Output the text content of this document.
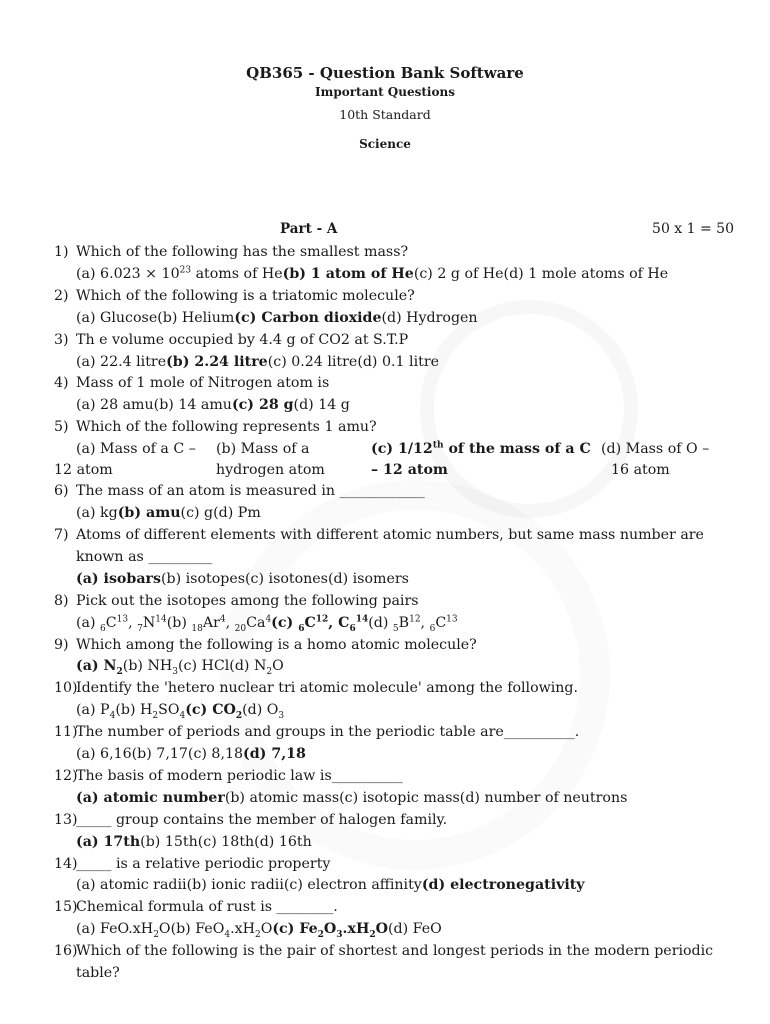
QB365 - Question Bank Software
Important Questions
10th Standard
Science
Part - A	50 x 1 = 50
1) Which of the following has the smallest mass?
(a) $6.023 \times 10^{23}$ atoms of He(b) 1 atom of He(c) 2 g of He(d) 1 mole atoms of He
2) Which of the following is a triatomic molecule?
(a) Glucose(b) Helium(c) Carbon dioxide(d) Hydrogen
3) Th e volume occupied by 4.4 g of CO2 at S.T.P
(a) 22.4 litre(b) 2.24 litre(c) 0.24 litre(d) 0.1 litre
4) Mass of 1 mole of Nitrogen atom is
(a) 28 amu(b) 14 amu(c) 28 g(d) 14 g
5) Which of the following represents 1 amu?
(a) Mass of a C –	(b) Mass of a	(c) 1/12th of the mass of a C (d) Mass of O –
12 atom	hydrogen atom	– 12 atom	16 atom
6) The mass of an atom is measured in ____________
(a) kg(b) amu(c) g(d) Pm
7) Atoms of different elements with different atomic numbers, but same mass number are known as _________
(a) isobars(b) isotopes(c) isotones(d) isomers
8) Pick out the isotopes among the following pairs
(a) $_6C^{13}$, $_7N^{14}(b)$ $_{18}Ar^4$, $_{20}Ca^4(c)$ $_6C^{12}$, $C_6^{14}(d)$ $_5B^{12}$, $_6C^{13}$
9) Which among the following is a homo atomic molecule?
(a) $N_2(b)$ $NH_3(c)$ HCl(d) $N_2O$
10)
Identify the 'hetero nuclear tri atomic molecule' among the following.
(a) $P_4(b)$ $H_2SO_4(c)$ $CO_2(d)$ $O_3$
11)
The number of periods and groups in the periodic table are__________.
(a) 6,16(b) 7,17(c) 8,18(d) 7,18
12)
The basis of modern periodic law is__________
(a) atomic number(b) atomic mass(c) isotopic mass(d) number of neutrons
13)
_____ group contains the member of halogen family.
(a) 17th(b) 15th(c) 18th(d) 16th
14)
_____ is a relative periodic property
(a) atomic radii(b) ionic radii(c) electron affinity(d) electronegativity
15)
Chemical formula of rust is ________.
(a) $FeO.xH_2O(b)$ $FeO_4.xH_2O(c)$ $Fe_2O_3.xH_2O(d)$ FeO
16)
Which of the following is the pair of shortest and longest periods in the modern periodic table?
